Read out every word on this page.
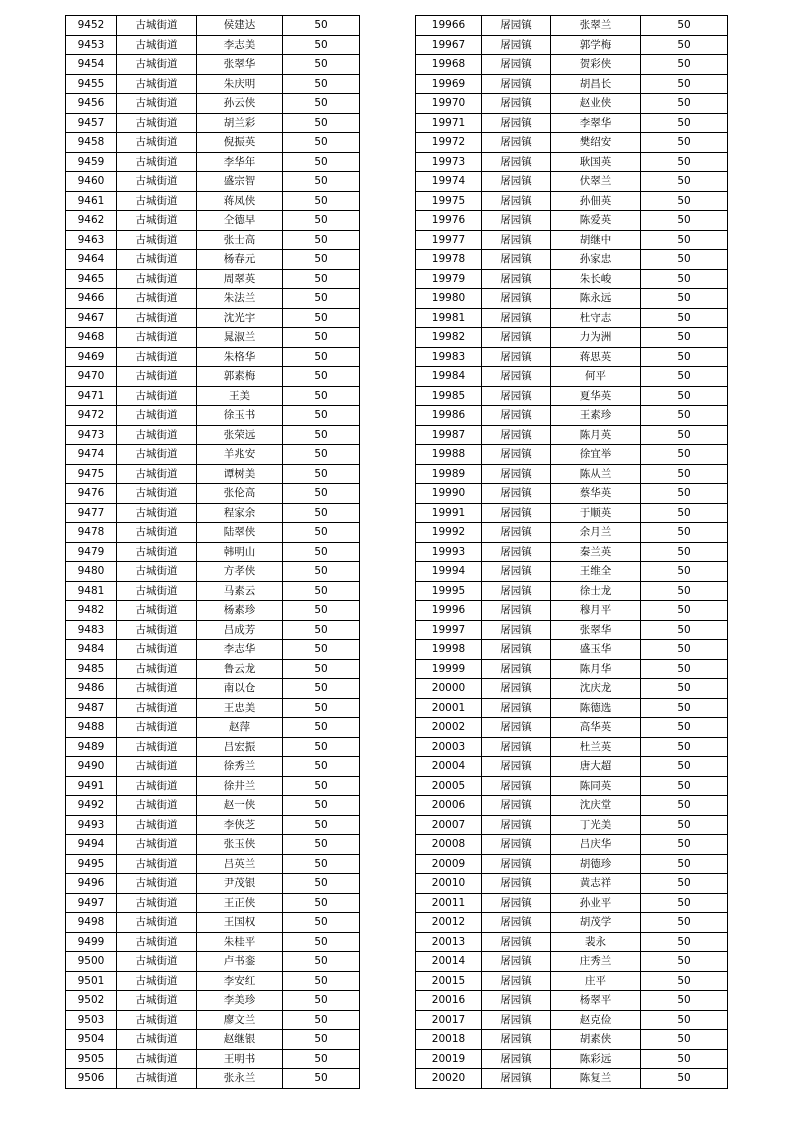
9452	古城街道	侯建达	50
9453	古城街道	李志美	50
9454	古城街道	张翠华	50
9455	古城街道	朱庆明	50
9456	古城街道	孙云侠	50
9457	古城街道	胡兰彩	50
9458	古城街道	倪振英	50
9459	古城街道	李华年	50
9460	古城街道	盛宗智	50
9461	古城街道	蒋凤侠	50
9462	古城街道	仝德早	50
9463	古城街道	张士高	50
9464	古城街道	杨春元	50
9465	古城街道	周翠英	50
9466	古城街道	朱法兰	50
9467	古城街道	沈光宇	50
9468	古城街道	晁淑兰	50
9469	古城街道	朱格华	50
9470	古城街道	郭素梅	50
9471	古城街道	王美	50
9472	古城街道	徐玉书	50
9473	古城街道	张荣远	50
9474	古城街道	羊兆安	50
9475	古城街道	谭树美	50
9476	古城街道	张伦高	50
9477	古城街道	程家余	50
9478	古城街道	陆翠侠	50
9479	古城街道	韩明山	50
9480	古城街道	方孝侠	50
9481	古城街道	马素云	50
9482	古城街道	杨素珍	50
9483	古城街道	吕成芳	50
9484	古城街道	李志华	50
9485	古城街道	鲁云龙	50
9486	古城街道	南以仓	50
9487	古城街道	王忠美	50
9488	古城街道	赵萍	50
9489	古城街道	吕宏振	50
9490	古城街道	徐秀兰	50
9491	古城街道	徐井兰	50
9492	古城街道	赵一侠	50
9493	古城街道	李侠芝	50
9494	古城街道	张玉侠	50
9495	古城街道	吕英兰	50
9496	古城街道	尹茂银	50
9497	古城街道	王正侠	50
9498	古城街道	王国权	50
9499	古城街道	朱桂平	50
9500	古城街道	卢书銮	50
9501	古城街道	李安红	50
9502	古城街道	李美珍	50
9503	古城街道	廖文兰	50
9504	古城街道	赵继银	50
9505	古城街道	王明书	50
9506	古城街道	张永兰	50
19966	屠园镇	张翠兰	50
19967	屠园镇	郭学梅	50
19968	屠园镇	贺彩侠	50
19969	屠园镇	胡昌长	50
19970	屠园镇	赵业侠	50
19971	屠园镇	李翠华	50
19972	屠园镇	樊绍安	50
19973	屠园镇	耿国英	50
19974	屠园镇	伏翠兰	50
19975	屠园镇	孙佃英	50
19976	屠园镇	陈爱英	50
19977	屠园镇	胡继中	50
19978	屠园镇	孙家忠	50
19979	屠园镇	朱长峻	50
19980	屠园镇	陈永远	50
19981	屠园镇	杜守志	50
19982	屠园镇	力为洲	50
19983	屠园镇	蒋思英	50
19984	屠园镇	何平	50
19985	屠园镇	夏华英	50
19986	屠园镇	王素珍	50
19987	屠园镇	陈月英	50
19988	屠园镇	徐宜举	50
19989	屠园镇	陈从兰	50
19990	屠园镇	蔡华英	50
19991	屠园镇	于顺英	50
19992	屠园镇	余月兰	50
19993	屠园镇	秦兰英	50
19994	屠园镇	王维全	50
19995	屠园镇	徐士龙	50
19996	屠园镇	穆月平	50
19997	屠园镇	张翠华	50
19998	屠园镇	盛玉华	50
19999	屠园镇	陈月华	50
20000	屠园镇	沈庆龙	50
20001	屠园镇	陈德选	50
20002	屠园镇	高华英	50
20003	屠园镇	杜兰英	50
20004	屠园镇	唐大超	50
20005	屠园镇	陈同英	50
20006	屠园镇	沈庆堂	50
20007	屠园镇	丁光美	50
20008	屠园镇	吕庆华	50
20009	屠园镇	胡德珍	50
20010	屠园镇	黄志祥	50
20011	屠园镇	孙业平	50
20012	屠园镇	胡茂学	50
20013	屠园镇	裴永	50
20014	屠园镇	庄秀兰	50
20015	屠园镇	庄平	50
20016	屠园镇	杨翠平	50
20017	屠园镇	赵克俭	50
20018	屠园镇	胡素侠	50
20019	屠园镇	陈彩远	50
20020	屠园镇	陈复兰	50
